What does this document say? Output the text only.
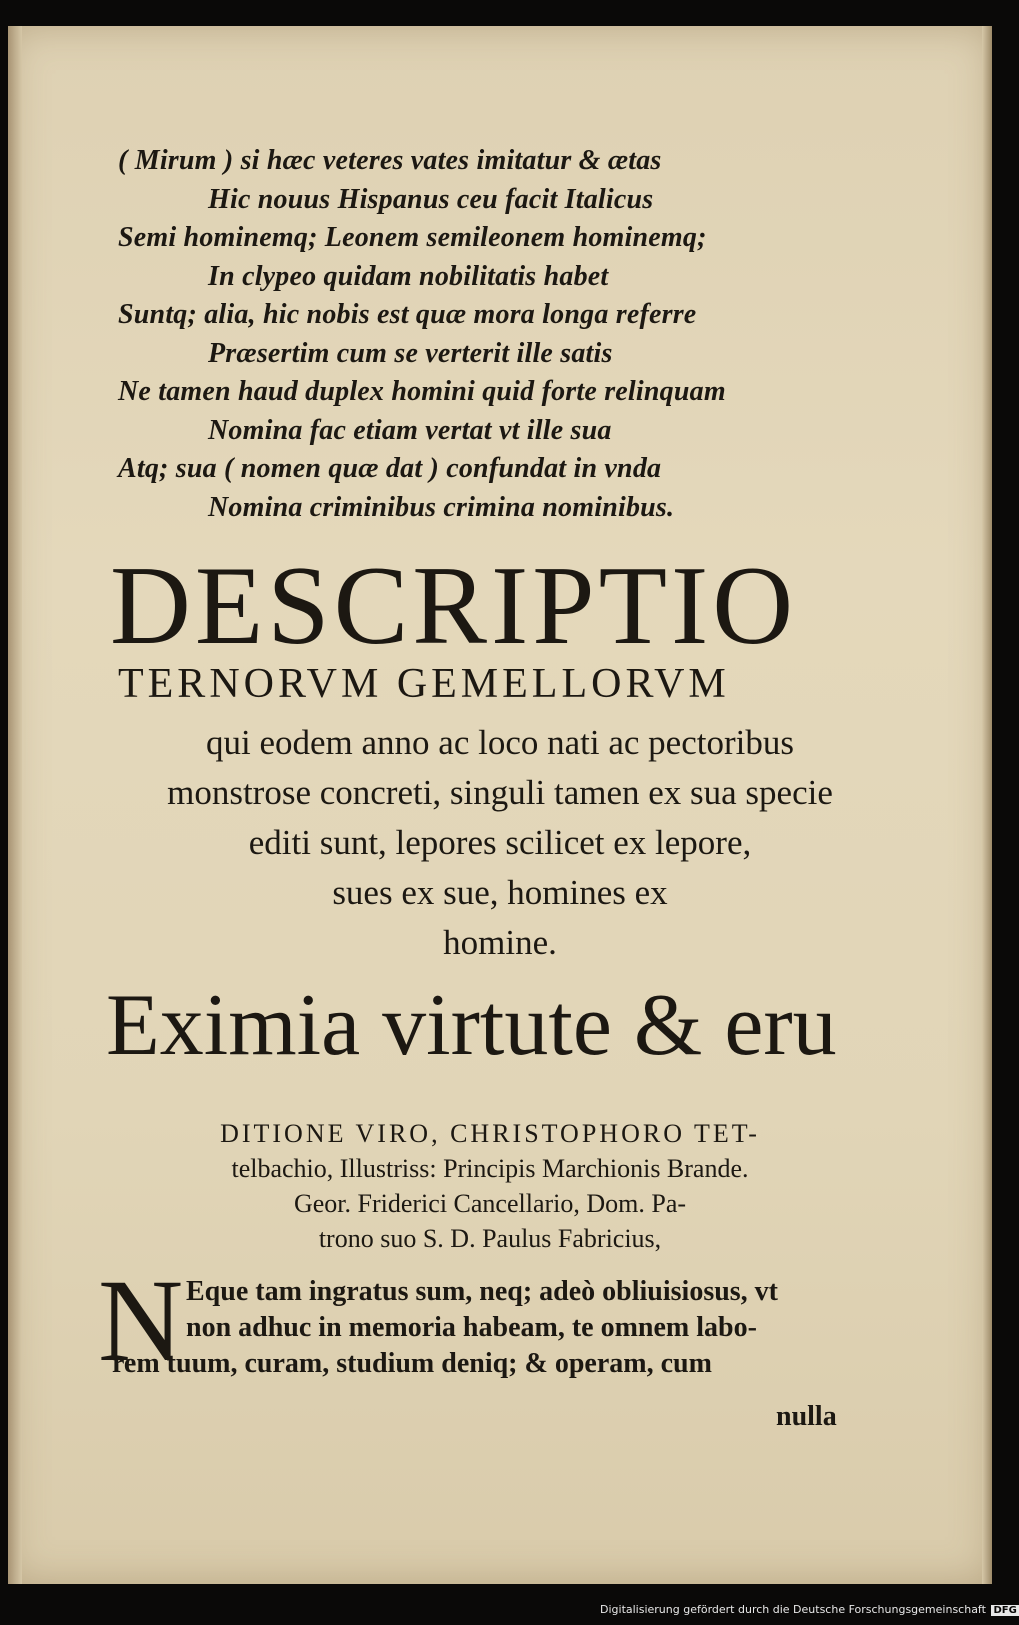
( Mirum ) si hæc veteres vates imitatur & ætas
Hic nouus Hispanus ceu facit Italicus
Semi hominemq; Leonem semileonem hominemq;
In clypeo quidam nobilitatis habet
Suntq; alia, hic nobis est quæ mora longa referre
Præsertim cum se verterit ille satis
Ne tamen haud duplex homini quid forte relinquam
Nomina fac etiam vertat vt ille sua
Atq; sua ( nomen quæ dat ) confundat in vnda
Nomina criminibus crimina nominibus.
DESCRIPTIO
TERNORVM GEMELLORVM
qui eodem anno ac loco nati ac pectoribus
monstrose concreti, singuli tamen ex sua specie
editi sunt, lepores scilicet ex lepore,
sues ex sue, homines ex
homine.
Eximia virtute & eru
DITIONE VIRO, CHRISTOPHORO TET-
telbachio, Illustriss: Principis Marchionis Brande.
Geor. Friderici Cancellario, Dom. Pa-
trono suo S. D. Paulus Fabricius,
N Eque tam ingratus sum, neq; adeò obliuisiosus, vt
non adhuc in memoria habeam, te omnem labo-
rem tuum, curam, studium deniq; & operam, cum
nulla
Digitalisierung gefördert durch die Deutsche Forschungsgemeinschaft DFG
